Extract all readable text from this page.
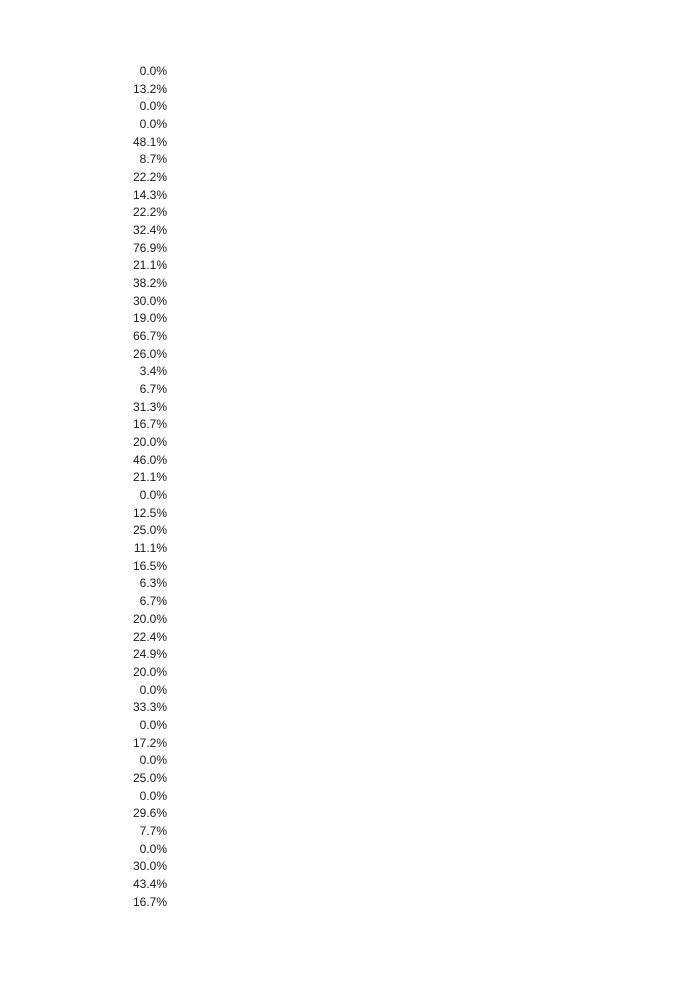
0.0%
13.2%
0.0%
0.0%
48.1%
8.7%
22.2%
14.3%
22.2%
32.4%
76.9%
21.1%
38.2%
30.0%
19.0%
66.7%
26.0%
3.4%
6.7%
31.3%
16.7%
20.0%
46.0%
21.1%
0.0%
12.5%
25.0%
11.1%
16.5%
6.3%
6.7%
20.0%
22.4%
24.9%
20.0%
0.0%
33.3%
0.0%
17.2%
0.0%
25.0%
0.0%
29.6%
7.7%
0.0%
30.0%
43.4%
16.7%
